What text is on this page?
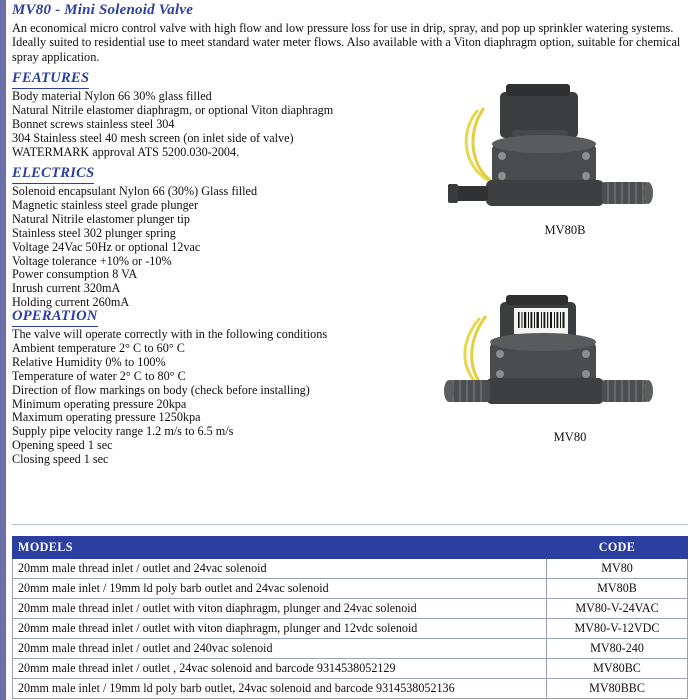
MV80 - Mini Solenoid Valve
An economical micro control valve with high flow and low pressure loss for use in drip, spray, and pop up sprinkler watering systems. Ideally suited to residential use to meet standard water meter flows. Also available with a Viton diaphragm option, suitable for chemical spray application.
FEATURES
Body material Nylon 66 30% glass filled
Natural Nitrile elastomer diaphragm, or optional Viton diaphragm
Bonnet screws stainless steel 304
304 Stainless steel 40 mesh screen (on inlet side of valve)
WATERMARK approval ATS 5200.030-2004.
ELECTRICS
Solenoid encapsulant Nylon 66 (30%) Glass filled
Magnetic stainless steel grade plunger
Natural Nitrile elastomer plunger tip
Stainless steel 302 plunger spring
Voltage 24Vac 50Hz or optional 12vac
Voltage tolerance +10% or -10%
Power consumption 8 VA
Inrush current 320mA
Holding current 260mA
OPERATION
The valve will operate correctly with in the following conditions
Ambient temperature 2° C to 60° C
Relative Humidity 0% to 100%
Temperature of water 2° C to 80° C
Direction of flow markings on body (check before installing)
Minimum operating pressure 20kpa
Maximum operating pressure 1250kpa
Supply pipe velocity range 1.2 m/s to 6.5 m/s
Opening speed 1 sec
Closing speed 1 sec
MV80B
MV80
MODELS	CODE
20mm male thread inlet / outlet and 24vac solenoid	MV80
20mm male inlet / 19mm ld poly barb outlet and 24vac solenoid	MV80B
20mm male thread inlet / outlet with viton diaphragm, plunger and 24vac solenoid	MV80-V-24VAC
20mm male thread inlet / outlet with viton diaphragm, plunger and 12vdc solenoid	MV80-V-12VDC
20mm male thread inlet / outlet and 240vac solenoid	MV80-240
20mm male thread inlet / outlet , 24vac solenoid and barcode 9314538052129	MV80BC
20mm male inlet / 19mm ld poly barb outlet, 24vac solenoid and barcode 9314538052136	MV80BBC
